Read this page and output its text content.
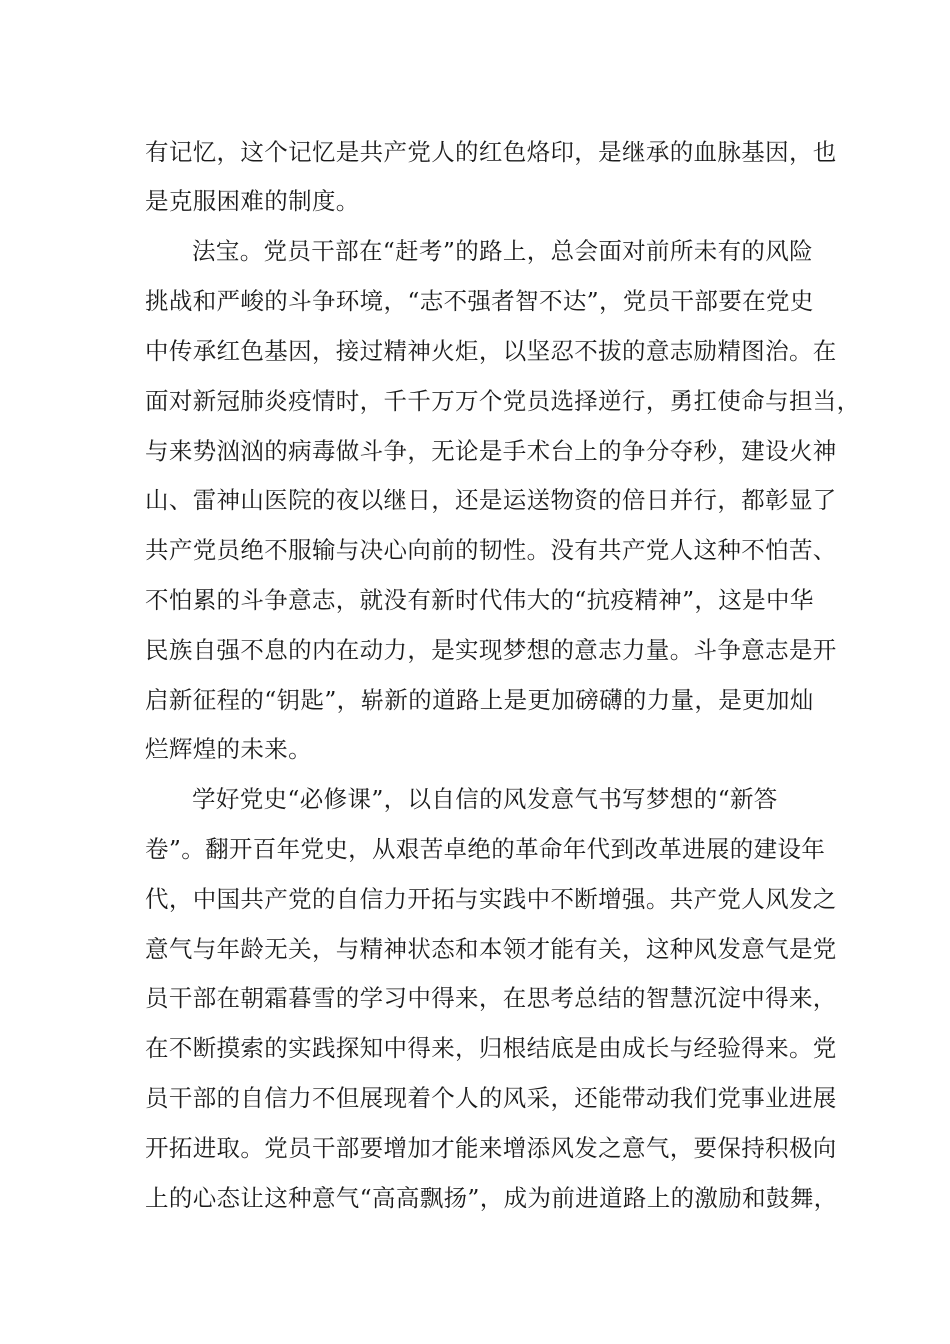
有记忆，这个记忆是共产党人的红色烙印，是继承的血脉基因，也
是克服困难的制度。
法宝。党员干部在“赶考”的路上，总会面对前所未有的风险
挑战和严峻的斗争环境，“志不强者智不达”，党员干部要在党史
中传承红色基因，接过精神火炬，以坚忍不拔的意志励精图治。在
面对新冠肺炎疫情时，千千万万个党员选择逆行，勇扛使命与担当，
与来势汹汹的病毒做斗争，无论是手术台上的争分夺秒，建设火神
山、雷神山医院的夜以继日，还是运送物资的倍日并行，都彰显了
共产党员绝不服输与决心向前的韧性。没有共产党人这种不怕苦、
不怕累的斗争意志，就没有新时代伟大的“抗疫精神”，这是中华
民族自强不息的内在动力，是实现梦想的意志力量。斗争意志是开
启新征程的“钥匙”，崭新的道路上是更加磅礴的力量，是更加灿
烂辉煌的未来。
学好党史“必修课”，以自信的风发意气书写梦想的“新答
卷”。翻开百年党史，从艰苦卓绝的革命年代到改革进展的建设年
代，中国共产党的自信力开拓与实践中不断增强。共产党人风发之
意气与年龄无关，与精神状态和本领才能有关，这种风发意气是党
员干部在朝霜暮雪的学习中得来，在思考总结的智慧沉淀中得来，
在不断摸索的实践探知中得来，归根结底是由成长与经验得来。党
员干部的自信力不但展现着个人的风采，还能带动我们党事业进展
开拓进取。党员干部要增加才能来增添风发之意气，要保持积极向
上的心态让这种意气“高高飘扬”，成为前进道路上的激励和鼓舞，
